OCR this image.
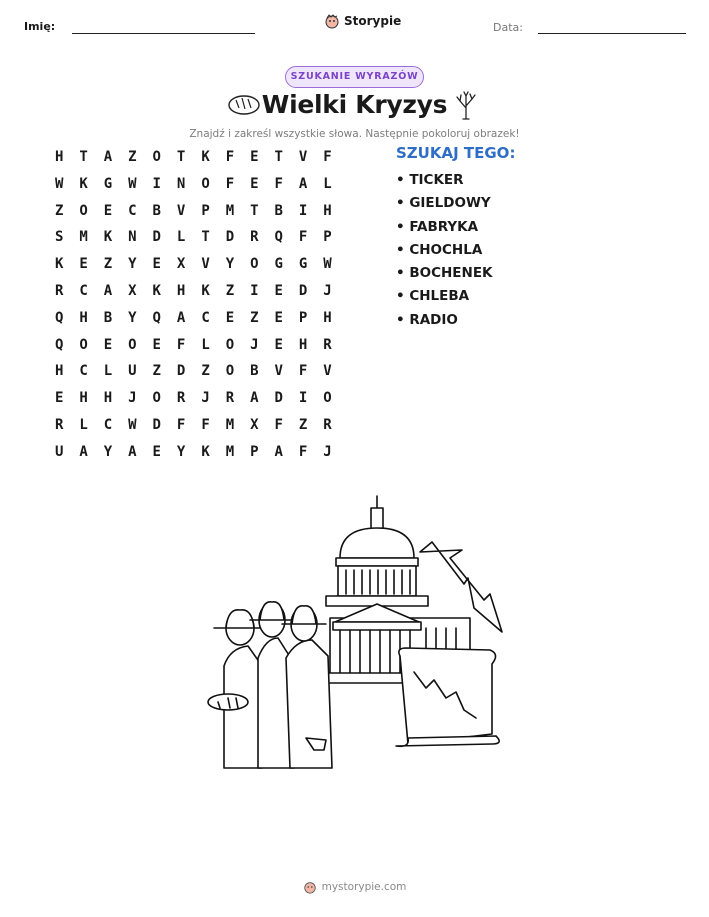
Imię:	Storypie	Data:
SZUKANIE WYRAZÓW
Wielki Kryzys
Znajdź i zakreśl wszystkie słowa. Następnie pokoloruj obrazek!
H	T	A	Z	O	T	K	F	E	T	V	F
W	K	G	W	I	N	O	F	E	F	A	L
Z	O	E	C	B	V	P	M	T	B	I	H
S	M	K	N	D	L	T	D	R	Q	F	P
K	E	Z	Y	E	X	V	Y	O	G	G	W
R	C	A	X	K	H	K	Z	I	E	D	J
Q	H	B	Y	Q	A	C	E	Z	E	P	H
Q	O	E	O	E	F	L	O	J	E	H	R
H	C	L	U	Z	D	Z	O	B	V	F	V
E	H	H	J	O	R	J	R	A	D	I	O
R	L	C	W	D	F	F	M	X	F	Z	R
U	A	Y	A	E	Y	K	M	P	A	F	J
SZUKAJ TEGO:
• TICKER
• GIELDOWY
• FABRYKA
• CHOCHLA
• BOCHENEK
• CHLEBA
• RADIO
mystorypie.com
